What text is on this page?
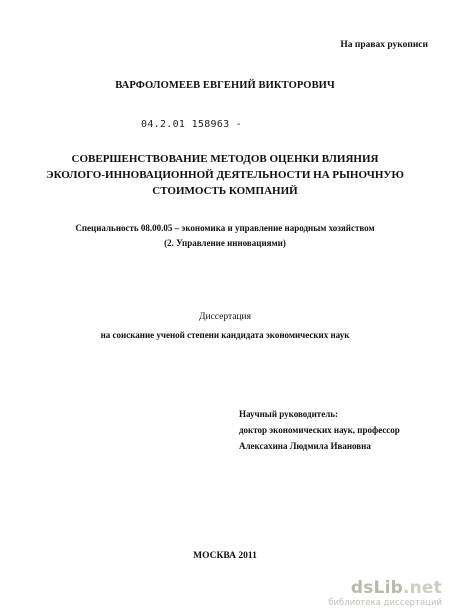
На правах рукописи
ВАРФОЛОМЕЕВ ЕВГЕНИЙ ВИКТОРОВИЧ
04.2.01 158963 -
СОВЕРШЕНСТВОВАНИЕ МЕТОДОВ ОЦЕНКИ ВЛИЯНИЯ
ЭКОЛОГО-ИННОВАЦИОННОЙ ДЕЯТЕЛЬНОСТИ НА РЫНОЧНУЮ
СТОИМОСТЬ КОМПАНИЙ
Специальность 08.00.05 – экономика и управление народным хозяйством
(2. Управление инновациями)
Диссертация
на соискание ученой степени кандидата экономических наук
Научный руководитель:
доктор экономических наук, профессор
Алексахина Людмила Ивановна
МОСКВА 2011
dsLib.net
библиотека диссертаций
